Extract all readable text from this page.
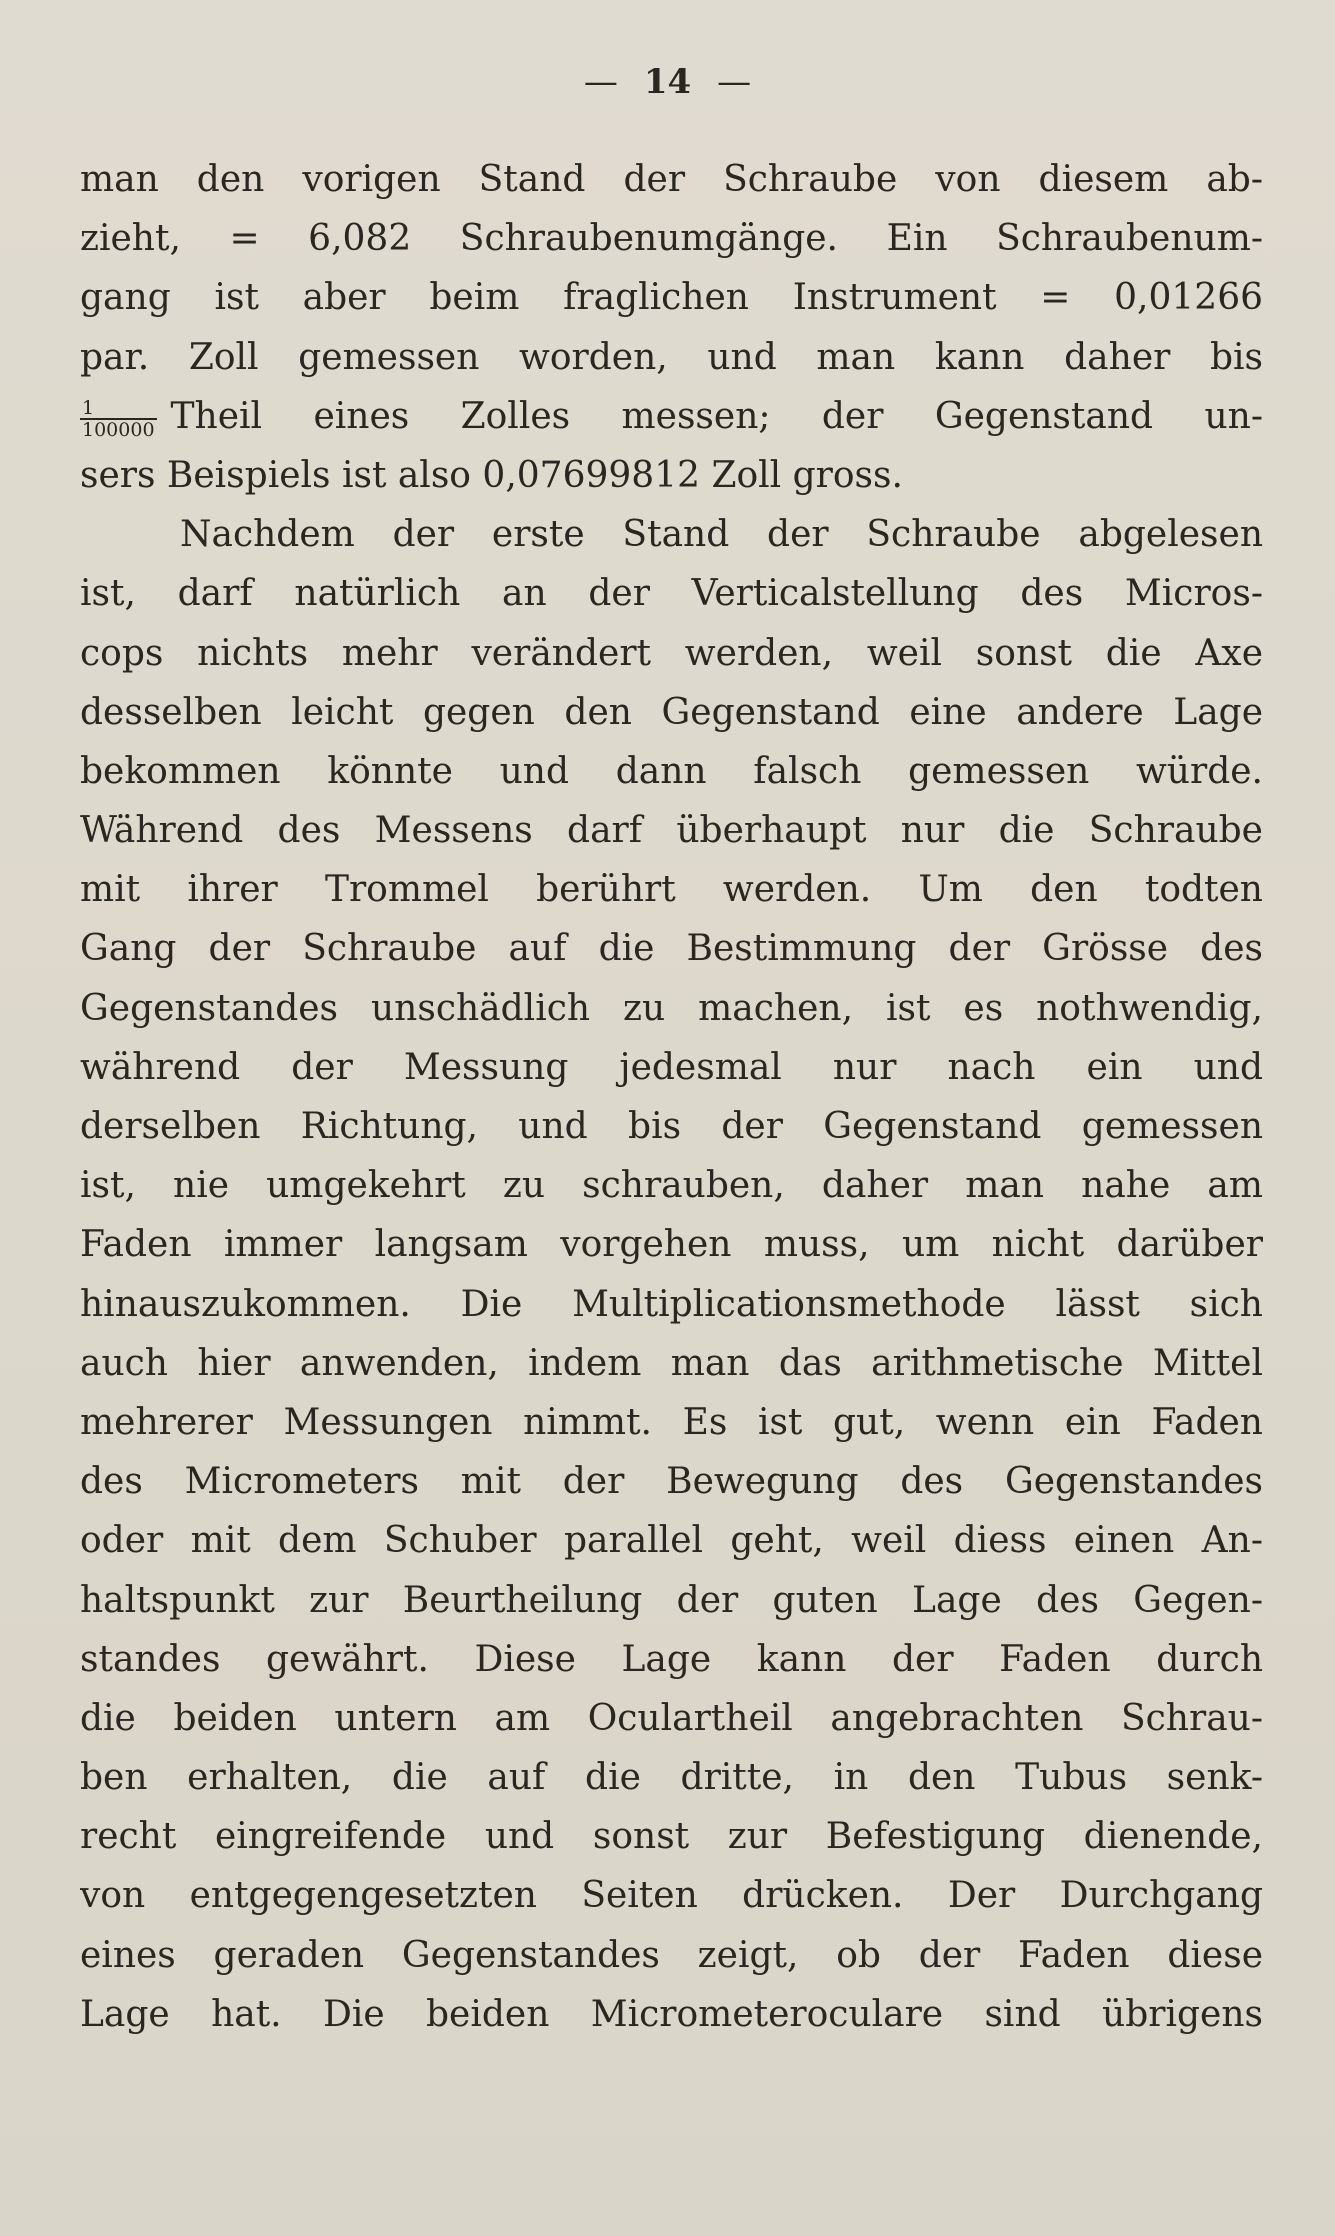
— 14 —
man den vorigen Stand der Schraube von diesem ab-
zieht, = 6,082 Schraubenumgänge. Ein Schraubenum-
gang ist aber beim fraglichen Instrument = 0,01266
par. Zoll gemessen worden, und man kann daher bis
$\frac{1}{100000}$ Theil eines Zolles messen; der Gegenstand un-
sers Beispiels ist also 0,07699812 Zoll gross.
Nachdem der erste Stand der Schraube abgelesen
ist, darf natürlich an der Verticalstellung des Micros-
cops nichts mehr verändert werden, weil sonst die Axe
desselben leicht gegen den Gegenstand eine andere Lage
bekommen könnte und dann falsch gemessen würde.
Während des Messens darf überhaupt nur die Schraube
mit ihrer Trommel berührt werden. Um den todten
Gang der Schraube auf die Bestimmung der Grösse des
Gegenstandes unschädlich zu machen, ist es nothwendig,
während der Messung jedesmal nur nach ein und
derselben Richtung, und bis der Gegenstand gemessen
ist, nie umgekehrt zu schrauben, daher man nahe am
Faden immer langsam vorgehen muss, um nicht darüber
hinauszukommen. Die Multiplicationsmethode lässt sich
auch hier anwenden, indem man das arithmetische Mittel
mehrerer Messungen nimmt. Es ist gut, wenn ein Faden
des Micrometers mit der Bewegung des Gegenstandes
oder mit dem Schuber parallel geht, weil diess einen An-
haltspunkt zur Beurtheilung der guten Lage des Gegen-
standes gewährt. Diese Lage kann der Faden durch
die beiden untern am Oculartheil angebrachten Schrau-
ben erhalten, die auf die dritte, in den Tubus senk-
recht eingreifende und sonst zur Befestigung dienende,
von entgegengesetzten Seiten drücken. Der Durchgang
eines geraden Gegenstandes zeigt, ob der Faden diese
Lage hat. Die beiden Micrometeroculare sind übrigens
